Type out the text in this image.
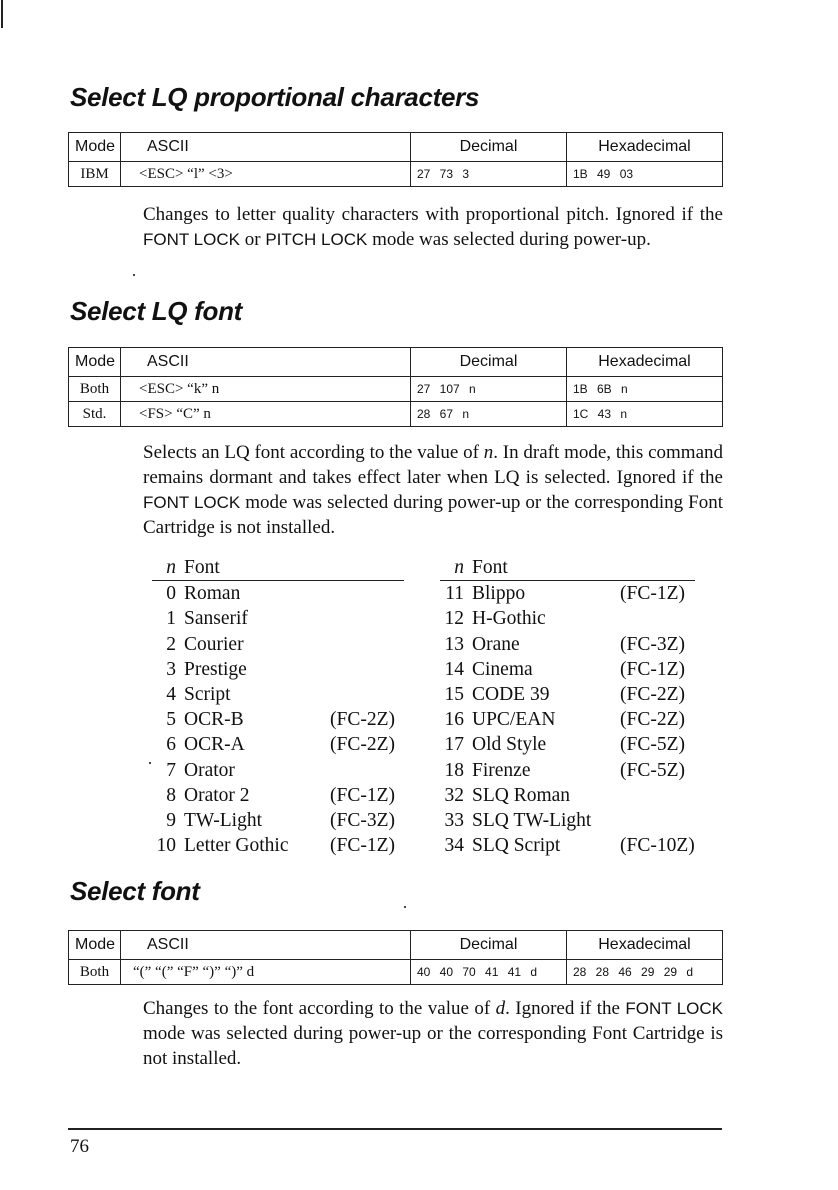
Select LQ proportional characters
Mode	ASCII	Decimal	Hexadecimal
IBM	<ESC> “l” <3>	27 73 3	1B 49 03

Changes to letter quality characters with proportional pitch. Ignored if the FONT LOCK or PITCH LOCK mode was selected during power-up.

Select LQ font
Mode	ASCII	Decimal	Hexadecimal
Both	<ESC> “k” n	27 107 n	1B 6B n
Std.	<FS> “C” n	28 67 n	1C 43 n

Selects an LQ font according to the value of n. In draft mode, this command remains dormant and takes effect later when LQ is selected. Ignored if the FONT LOCK mode was selected during power-up or the corresponding Font Cartridge is not installed.

n Font
0 Roman
1 Sanserif
2 Courier
3 Prestige
4 Script
5 OCR-B	(FC-2Z)
6 OCR-A	(FC-2Z)
7 Orator
8 Orator 2	(FC-1Z)
9 TW-Light	(FC-3Z)
10 Letter Gothic (FC-1Z)
n Font
11 Blippo	(FC-1Z)
12 H-Gothic
13 Orane	(FC-3Z)
14 Cinema	(FC-1Z)
15 CODE 39	(FC-2Z)
16 UPC/EAN	(FC-2Z)
17 Old Style	(FC-5Z)
18 Firenze	(FC-5Z)
32 SLQ Roman
33 SLQ TW-Light
34 SLQ Script	(FC-10Z)
Select font
Mode	ASCII	Decimal	Hexadecimal
Both	“(” “(” “F” “)” “)” d	40 40 70 41 41 d	28 28 46 29 29 d

Changes to the font according to the value of d. Ignored if the FONT LOCK mode was selected during power-up or the corresponding Font Cartridge is not installed.

76
